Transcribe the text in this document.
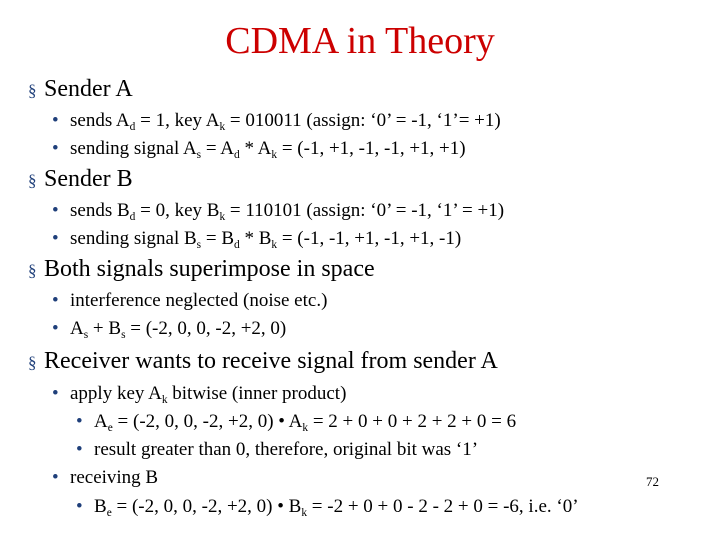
CDMA in Theory
§ Sender A
• sends $A_d = 1$, key $A_k = 010011$ (assign: ‘0’ = -1, ‘1’= +1)
• sending signal $A_s = A_d * A_k = (-1$, +1, -1, -1, +1, +1)
§ Sender B
• sends $B_d = 0$, key $B_k = 110101$ (assign: ‘0’ = -1, ‘1’ = +1)
• sending signal $B_s = B_d * B_k = (-1$, -1, +1, -1, +1, -1)
§ Both signals superimpose in space
• interference neglected (noise etc.)
• $A_s + B_s = (-2$, 0, 0, -2, +2, 0)
§ Receiver wants to receive signal from sender A
• apply key $A_k$ bitwise (inner product)
• $A_e = (-2$, 0, 0, -2, +2, 0) • $A_k = 2 + 0 + 0 + 2 + 2 + 0 = 6$
• result greater than 0, therefore, original bit was ‘1’
• receiving B
• $B_e = (-2$, 0, 0, -2, +2, 0) • $B_k = -2 + 0 + 0 - 2 - 2 + 0 = -6$, i.e. ‘0’
72
